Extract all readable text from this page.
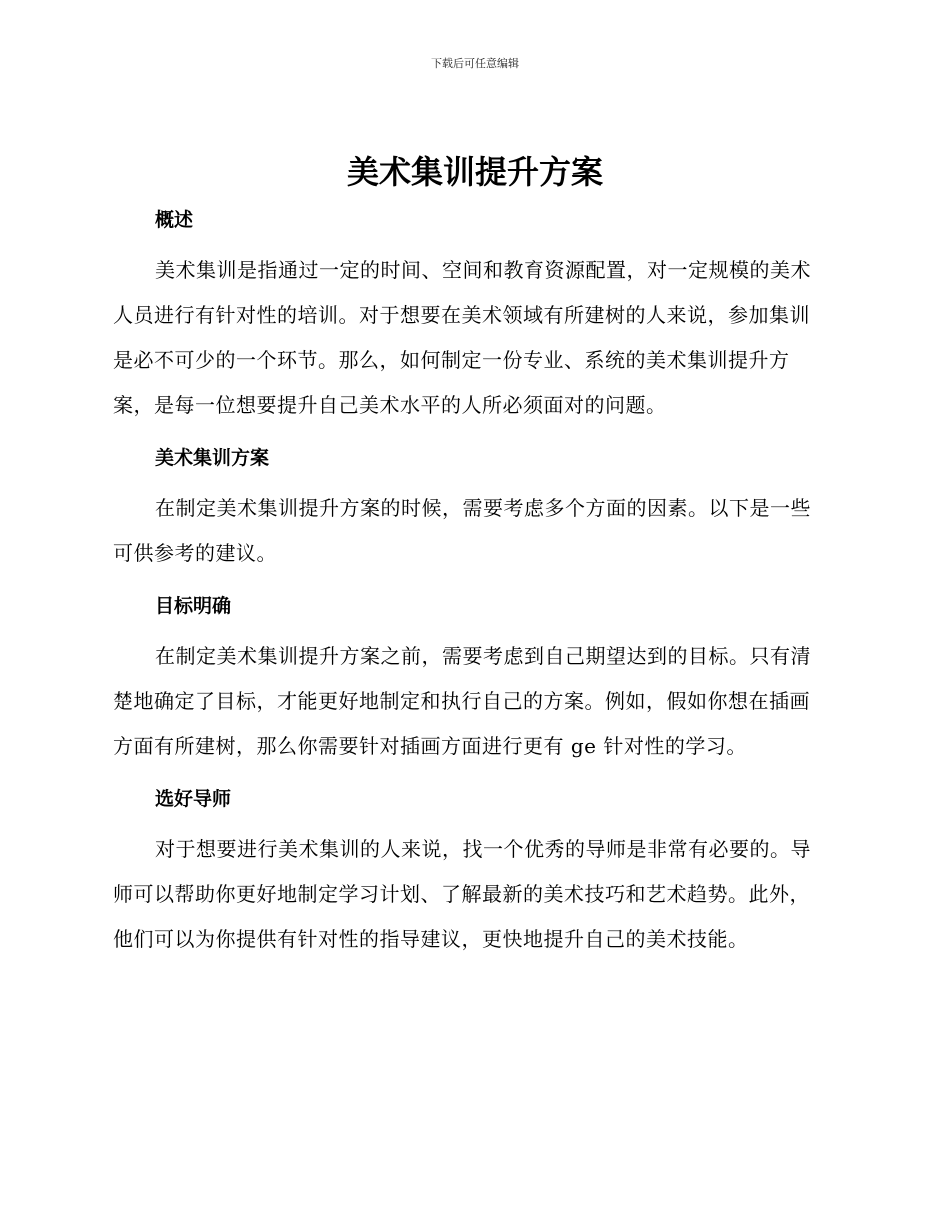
下载后可任意编辑
美术集训提升方案
概述

美术集训是指通过一定的时间、空间和教育资源配置，对一定规模的美术人员进行有针对性的培训。对于想要在美术领域有所建树的人来说，参加集训是必不可少的一个环节。那么，如何制定一份专业、系统的美术集训提升方案，是每一位想要提升自己美术水平的人所必须面对的问题。

美术集训方案

在制定美术集训提升方案的时候，需要考虑多个方面的因素。以下是一些可供参考的建议。

目标明确

在制定美术集训提升方案之前，需要考虑到自己期望达到的目标。只有清楚地确定了目标，才能更好地制定和执行自己的方案。例如，假如你想在插画方面有所建树，那么你需要针对插画方面进行更有 ge 针对性的学习。

选好导师

对于想要进行美术集训的人来说，找一个优秀的导师是非常有必要的。导师可以帮助你更好地制定学习计划、了解最新的美术技巧和艺术趋势。此外，他们可以为你提供有针对性的指导建议，更快地提升自己的美术技能。
